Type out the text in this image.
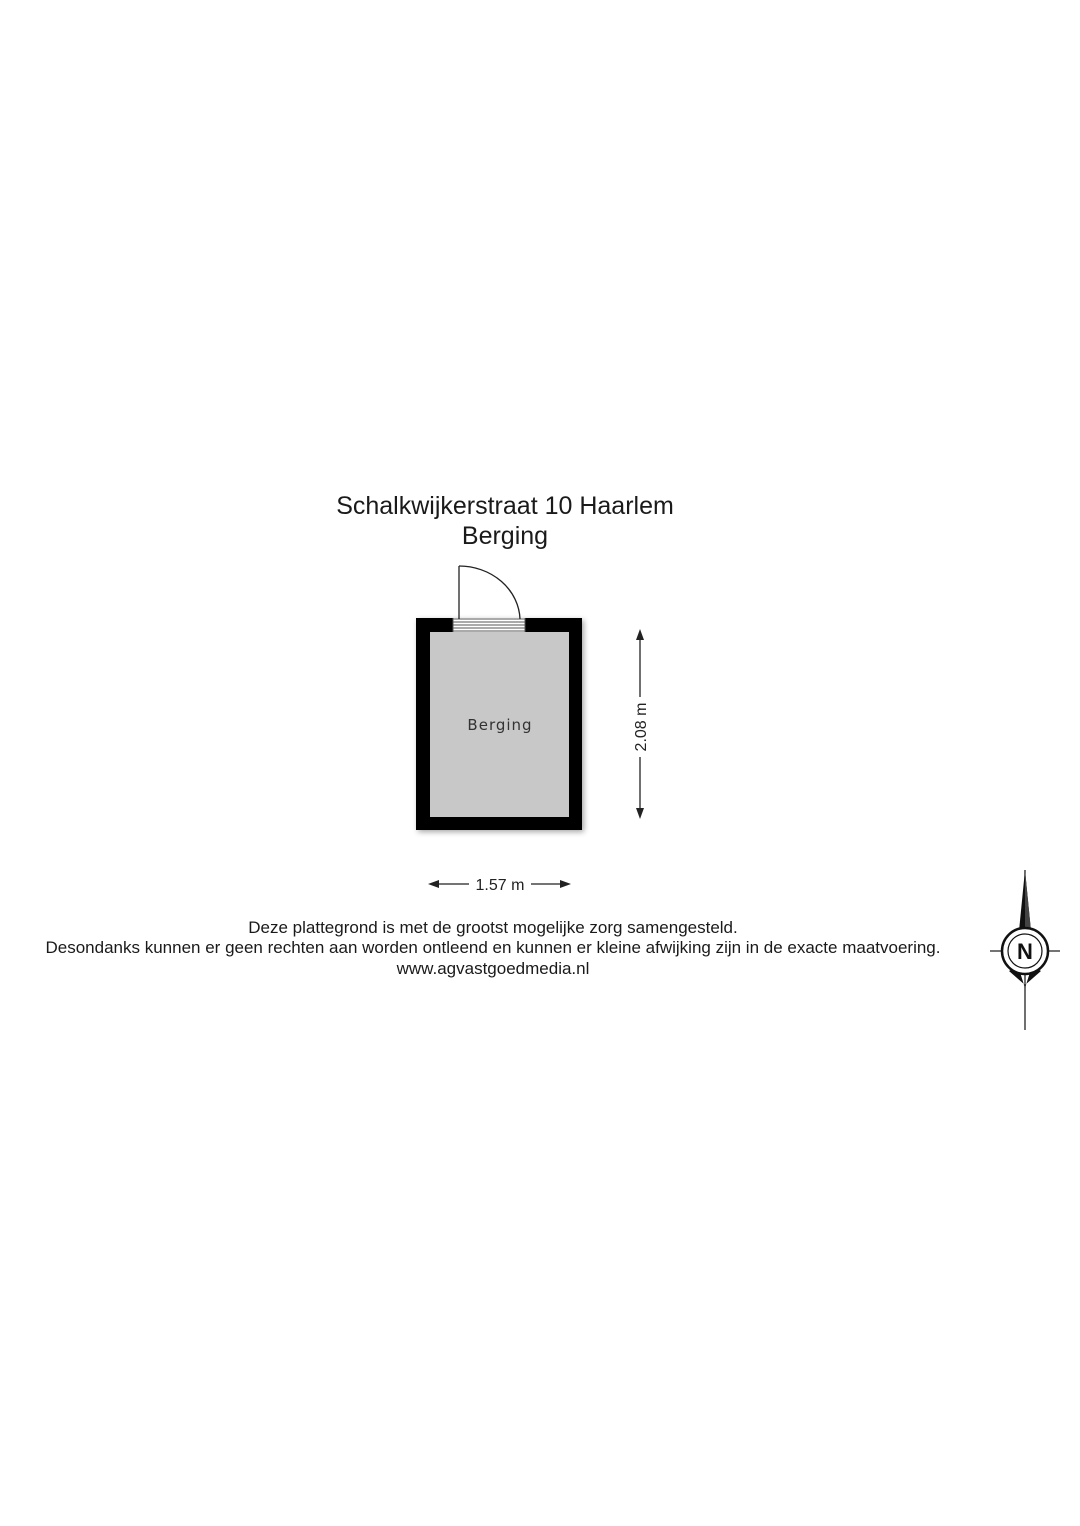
Schalkwijkerstraat 10 Haarlem
Berging
Berging	2.08 m
1.57 m
N
Deze plattegrond is met de grootst mogelijke zorg samengesteld.
Desondanks kunnen er geen rechten aan worden ontleend en kunnen er kleine afwijking zijn in de exacte maatvoering.
www.agvastgoedmedia.nl
